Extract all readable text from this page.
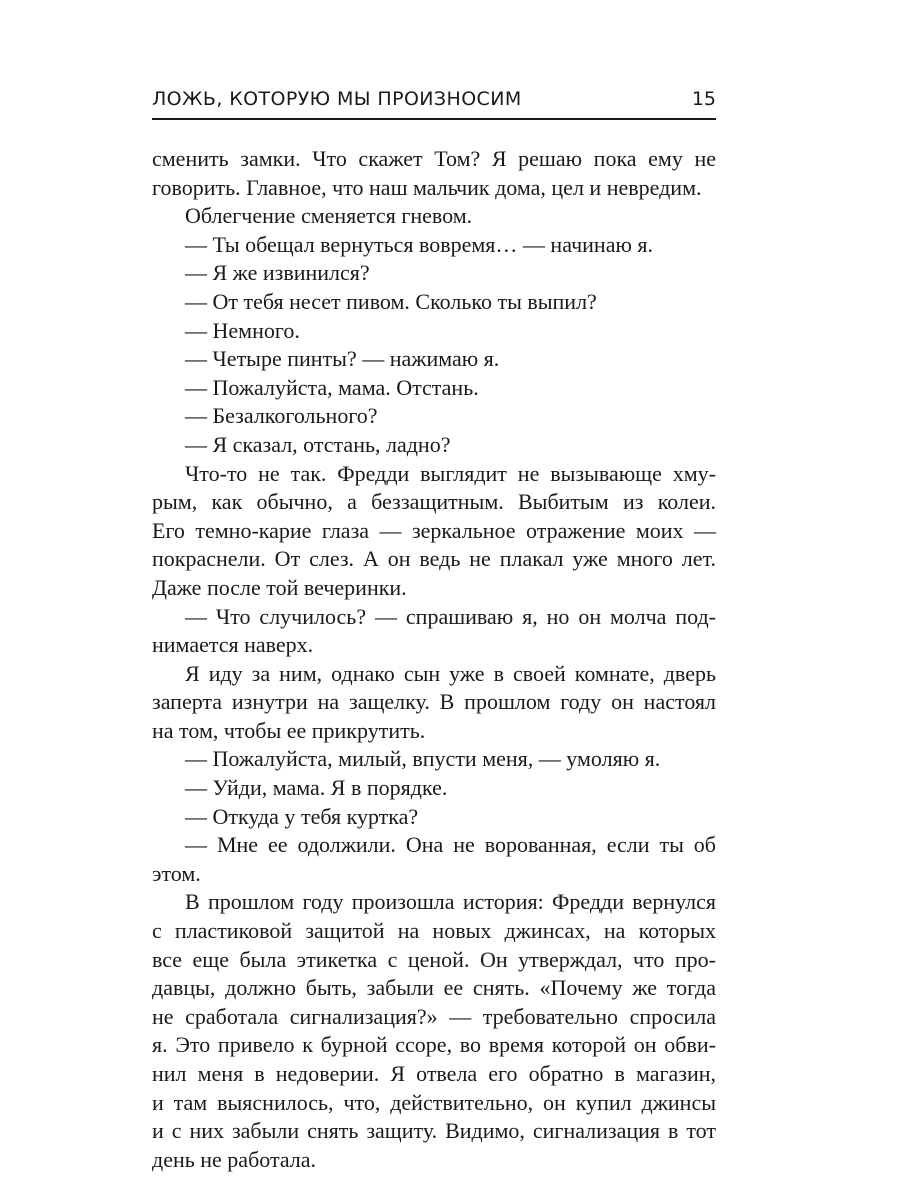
ЛОЖЬ, КОТОРУЮ МЫ ПРОИЗНОСИМ	15
сменить замки. Что скажет Том? Я решаю пока ему не
говорить. Главное, что наш мальчик дома, цел и невредим.
Облегчение сменяется гневом.
— Ты обещал вернуться вовремя… — начинаю я.
— Я же извинился?
— От тебя несет пивом. Сколько ты выпил?
— Немного.
— Четыре пинты? — нажимаю я.
— Пожалуйста, мама. Отстань.
— Безалкогольного?
— Я сказал, отстань, ладно?
Что-то не так. Фредди выглядит не вызывающе хму-
рым, как обычно, а беззащитным. Выбитым из колеи.
Его темно-карие глаза — зеркальное отражение моих —
покраснели. От слез. А он ведь не плакал уже много лет.
Даже после той вечеринки.
— Что случилось? — спрашиваю я, но он молча под-
нимается наверх.
Я иду за ним, однако сын уже в своей комнате, дверь
заперта изнутри на защелку. В прошлом году он настоял
на том, чтобы ее прикрутить.
— Пожалуйста, милый, впусти меня, — умоляю я.
— Уйди, мама. Я в порядке.
— Откуда у тебя куртка?
— Мне ее одолжили. Она не ворованная, если ты об
этом.
В прошлом году произошла история: Фредди вернулся
с пластиковой защитой на новых джинсах, на которых
все еще была этикетка с ценой. Он утверждал, что про-
давцы, должно быть, забыли ее снять. «Почему же тогда
не сработала сигнализация?» — требовательно спросила
я. Это привело к бурной ссоре, во время которой он обви-
нил меня в недоверии. Я отвела его обратно в магазин,
и там выяснилось, что, действительно, он купил джинсы
и с них забыли снять защиту. Видимо, сигнализация в тот
день не работала.
